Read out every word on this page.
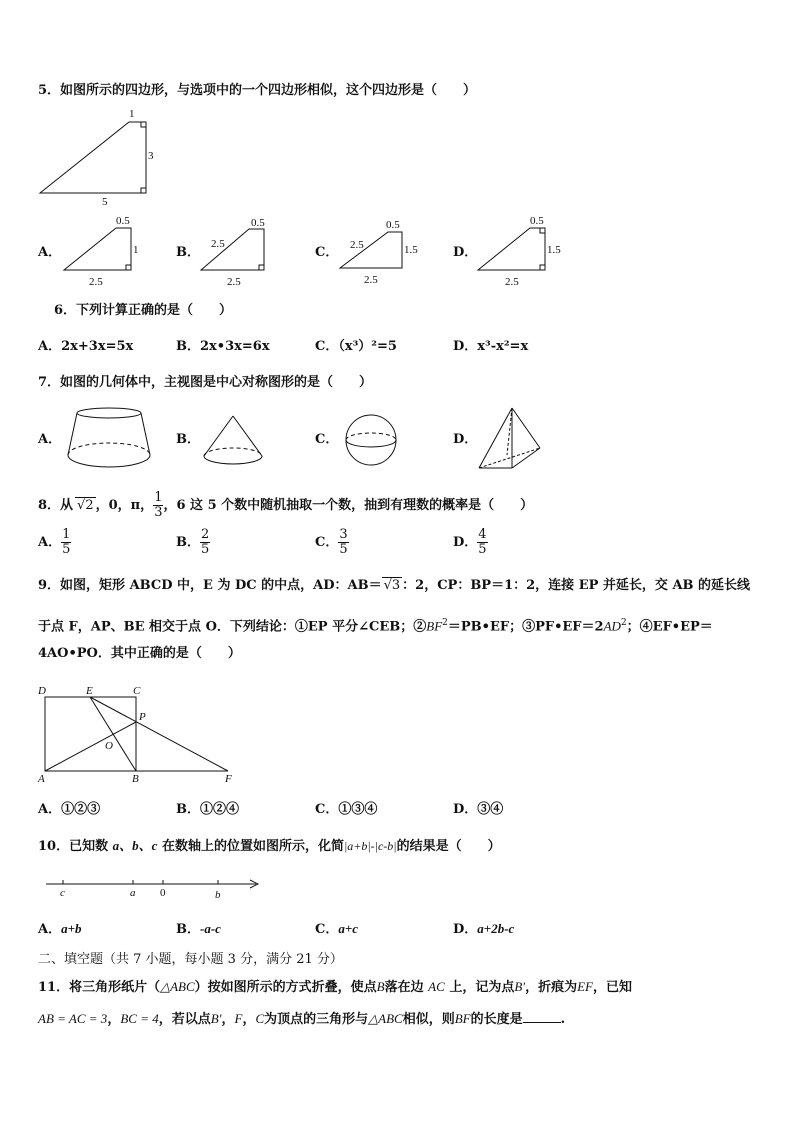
5．如图所示的四边形，与选项中的一个四边形相似，这个四边形是（　　）
1
3
5
A．
0.5
1
2.5
B．
0.5
2.5
2.5
C．
0.5
2.5	1.5
2.5
D．
0.5
1.5
2.5
6．下列计算正确的是（　　）
A．2x+3x=5x	B．2x•3x=6x	C．（x³）²=5	D．x³-x²=x
7．如图的几何体中，主视图是中心对称图形的是（　　）
A．	B．	C．	D．
8．从 √2 ，0，π， $\frac{1}{3}$ ，6 这 5 个数中随机抽取一个数，抽到有理数的概率是（　　）
A． $\frac{1}{5}$	B． $\frac{2}{5}$	C． $\frac{3}{5}$	D． $\frac{4}{5}$
9．如图，矩形 ABCD 中，E 为 DC 的中点，AD：AB＝ √3 ：2，CP：BP＝1：2，连接 EP 并延长，交 AB 的延长线
于点 F，AP、BE 相交于点 O．下列结论：①EP 平分∠CEB；$②BF^2=PB•EF$；$③PF•EF=2AD^2$；④EF•EP＝
4AO•PO．其中正确的是（　　）
D	E	C
P
O
A	B	F
A．①②③	B．①②④	C．①③④	D．③④
10．已知数 a、b、c 在数轴上的位置如图所示，化简|a+b|-|c-b|的结果是（　　）
c	a 0	b
A．a+b	B．-a-c	C．a+c	D．a+2b-c
二、填空题（共 7 小题，每小题 3 分，满分 21 分）
11．将三角形纸片（△ABC）按如图所示的方式折叠，使点B落在边 AC 上，记为点B'，折痕为EF，已知
AB = AC = 3，BC = 4，若以点B'，F，C为顶点的三角形与△ABC相似，则BF的长度是	.
